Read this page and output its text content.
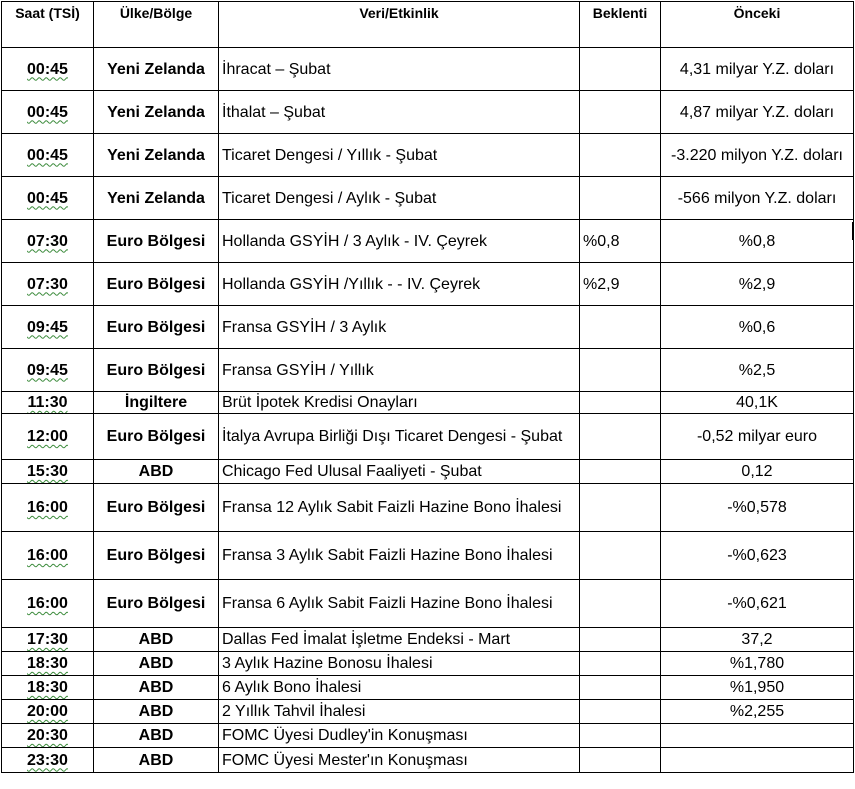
Saat (TSİ)	Ülke/Bölge	Veri/Etkinlik	Beklenti	Önceki
00:45	Yeni Zelanda	İhracat – Şubat		4,31 milyar Y.Z. doları
00:45	Yeni Zelanda	İthalat – Şubat		4,87 milyar Y.Z. doları
00:45	Yeni Zelanda	Ticaret Dengesi / Yıllık - Şubat		-3.220 milyon Y.Z. doları
00:45	Yeni Zelanda	Ticaret Dengesi / Aylık - Şubat		-566 milyon Y.Z. doları
07:30	Euro Bölgesi	Hollanda GSYİH / 3 Aylık - IV. Çeyrek	%0,8	%0,8
07:30	Euro Bölgesi	Hollanda GSYİH /Yıllık - - IV. Çeyrek	%2,9	%2,9
09:45	Euro Bölgesi	Fransa GSYİH / 3 Aylık		%0,6
09:45	Euro Bölgesi	Fransa GSYİH / Yıllık		%2,5
11:30	İngiltere	Brüt İpotek Kredisi Onayları		40,1K
12:00	Euro Bölgesi	İtalya Avrupa Birliği Dışı Ticaret Dengesi - Şubat		-0,52 milyar euro
15:30	ABD	Chicago Fed Ulusal Faaliyeti - Şubat		0,12
16:00	Euro Bölgesi	Fransa 12 Aylık Sabit Faizli Hazine Bono İhalesi		-%0,578
16:00	Euro Bölgesi	Fransa 3 Aylık Sabit Faizli Hazine Bono İhalesi		-%0,623
16:00	Euro Bölgesi	Fransa 6 Aylık Sabit Faizli Hazine Bono İhalesi		-%0,621
17:30	ABD	Dallas Fed İmalat İşletme Endeksi - Mart		37,2
18:30	ABD	3 Aylık Hazine Bonosu İhalesi		%1,780
18:30	ABD	6 Aylık Bono İhalesi		%1,950
20:00	ABD	2 Yıllık Tahvil İhalesi		%2,255
20:30	ABD	FOMC Üyesi Dudley'in Konuşması		
23:30	ABD	FOMC Üyesi Mester'ın Konuşması		
